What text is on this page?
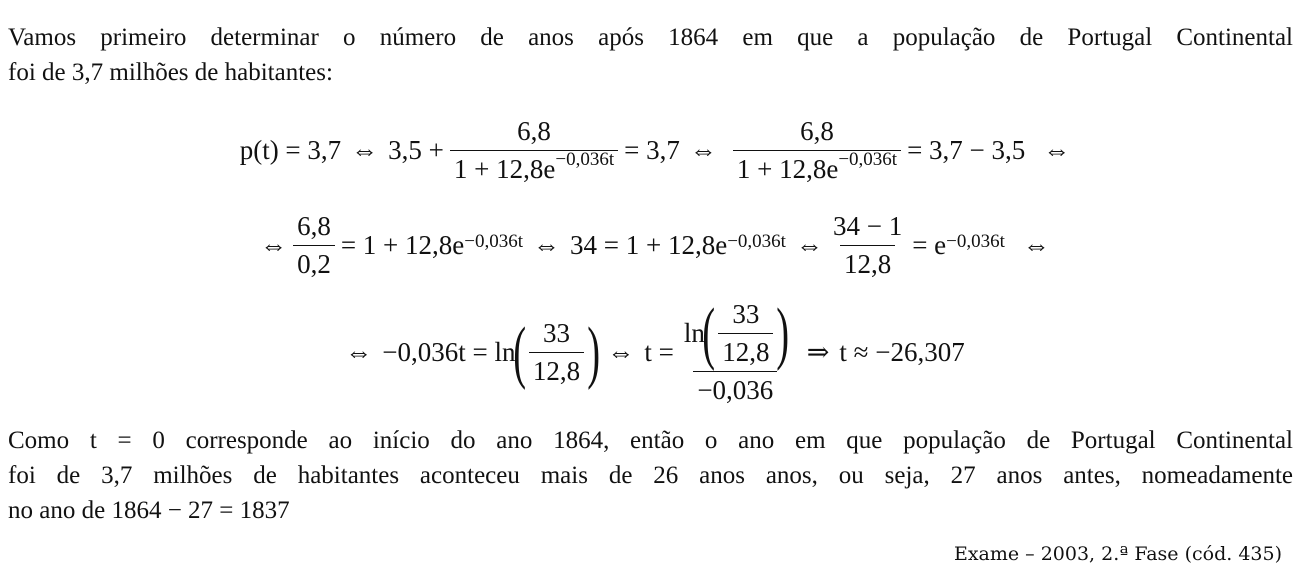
Vamos primeiro determinar o número de anos após 1864 em que a população de Portugal Continental
foi de 3,7 milhões de habitantes:

p(t) = 3,7 ⇔ $3,5 + \frac{6,8}{1 + 12,8e^{-0,036t}} = 3,7$ ⇔ $\frac{6,8}{1 + 12,8e^{-0,036t}} = 3,7 - 3,5$ ⇔
⇔ $\frac{6,8}{0,2} = 1 + 12,8e^{-0,036t}$ ⇔ $34 = 1 + 12,8e^{-0,036t}$ ⇔ $\frac{34 - 1}{12,8} = e^{-0,036t}$ ⇔
⇔ −0,036t = ln
( $\frac{33}{12,8}$ ) ⇔ t =
ln
( $\frac{33}{12,8}$ )
−0,036
⇒ t ≈ −26,307

Como t = 0 corresponde ao início do ano 1864, então o ano em que população de Portugal Continental
foi de 3,7 milhões de habitantes aconteceu mais de 26 anos anos, ou seja, 27 anos antes, nomeadamente
no ano de 1864 − 27 = 1837

Exame – 2003, 2.ª Fase (cód. 435)
